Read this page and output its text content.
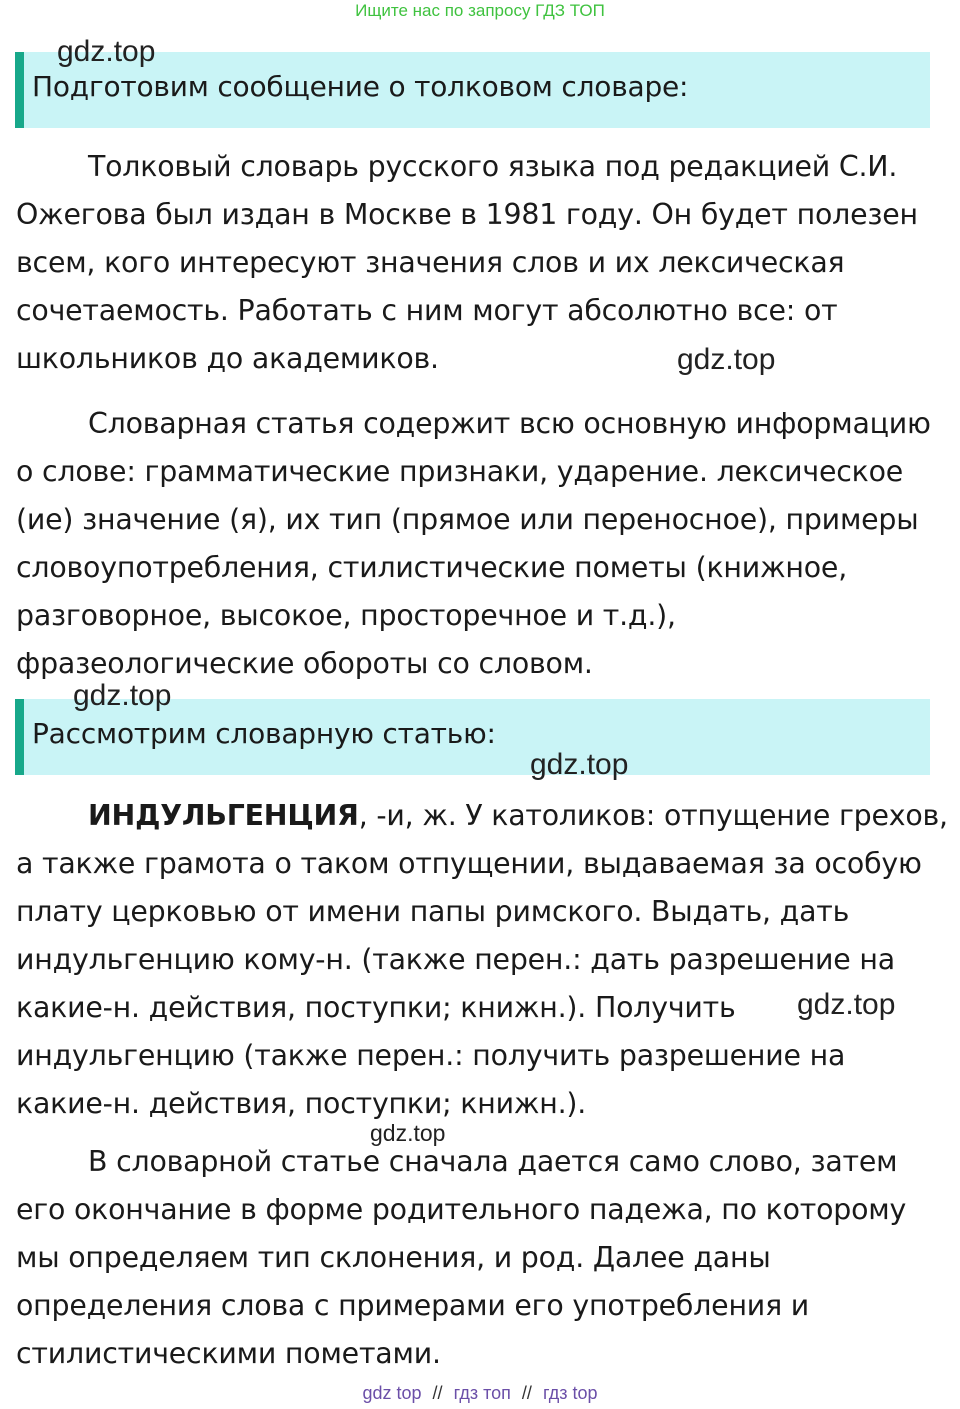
Ищите нас по запросу ГДЗ ТОП
Подготовим сообщение о толковом словаре:

Толковый словарь русского языка под редакцией С.И.
Ожегова был издан в Москве в 1981 году. Он будет полезен
всем, кого интересуют значения слов и их лексическая
сочетаемость. Работать с ним могут абсолютно все: от
школьников до академиков.

Словарная статья содержит всю основную информацию
о слове: грамматические признаки, ударение. лексическое
(ие) значение (я), их тип (прямое или переносное), примеры
словоупотребления, стилистические пометы (книжное,
разговорное, высокое, просторечное и т.д.),
фразеологические обороты со словом.

Рассмотрим словарную статью:

ИНДУЛЬГЕНЦИЯ, -и, ж. У католиков: отпущение грехов,
а также грамота о таком отпущении, выдаваемая за особую
плату церковью от имени папы римского. Выдать, дать
индульгенцию кому-н. (также перен.: дать разрешение на
какие-н. действия, поступки; книжн.). Получить
индульгенцию (также перен.: получить разрешение на
какие-н. действия, поступки; книжн.).

В словарной статье сначала дается само слово, затем
его окончание в форме родительного падежа, по которому
мы определяем тип склонения, и род. Далее даны
определения слова с примерами его употребления и
стилистическими пометами.

gdz.top
gdz.top
gdz.top
gdz.top
gdz.top
gdz.top
gdz top // гдз топ // гдз top
